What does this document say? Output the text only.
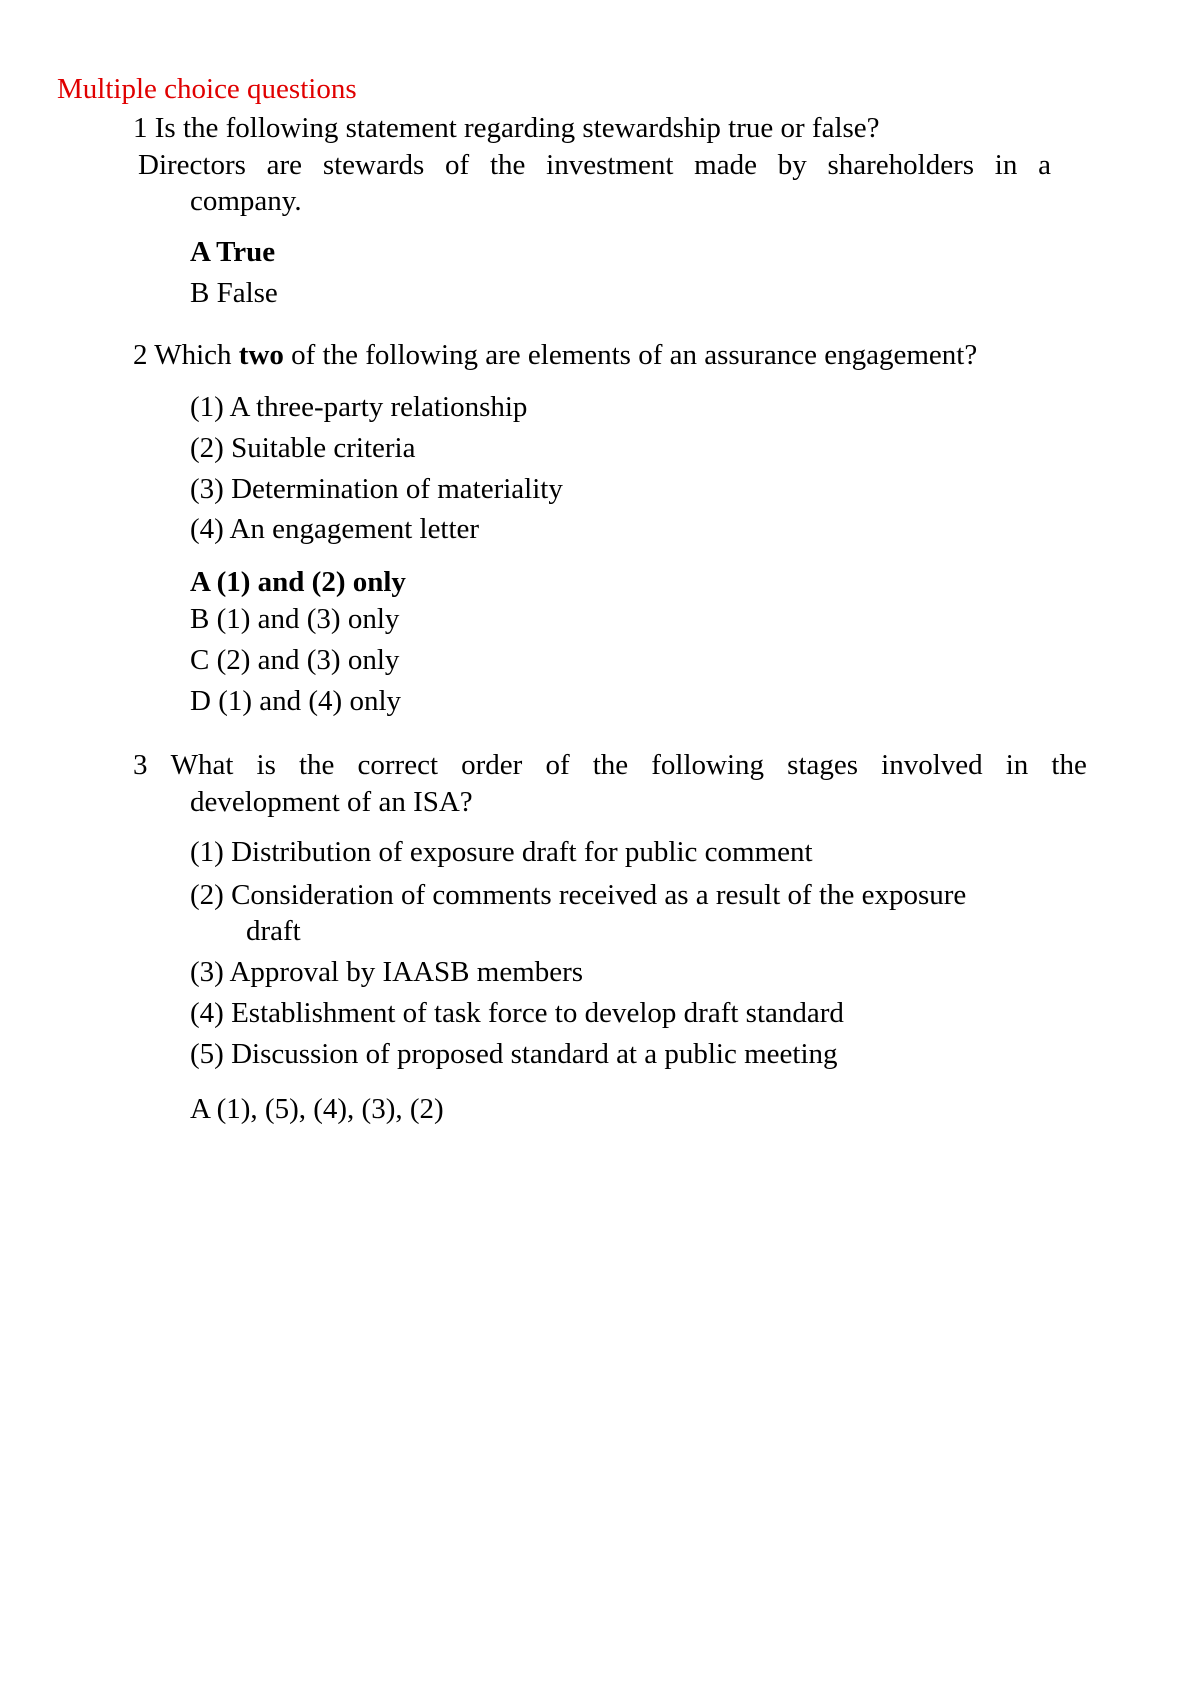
Multiple choice questions
1 Is the following statement regarding stewardship true or false?
Directors are stewards of the investment made by shareholders in a
company.
A True
B False
2 Which two of the following are elements of an assurance engagement?
(1) A three-party relationship
(2) Suitable criteria
(3) Determination of materiality
(4) An engagement letter
A (1) and (2) only
B (1) and (3) only
C (2) and (3) only
D (1) and (4) only
3 What is the correct order of the following stages involved in the
development of an ISA?
(1) Distribution of exposure draft for public comment
(2) Consideration of comments received as a result of the exposure
draft
(3) Approval by IAASB members
(4) Establishment of task force to develop draft standard
(5) Discussion of proposed standard at a public meeting
A (1), (5), (4), (3), (2)
